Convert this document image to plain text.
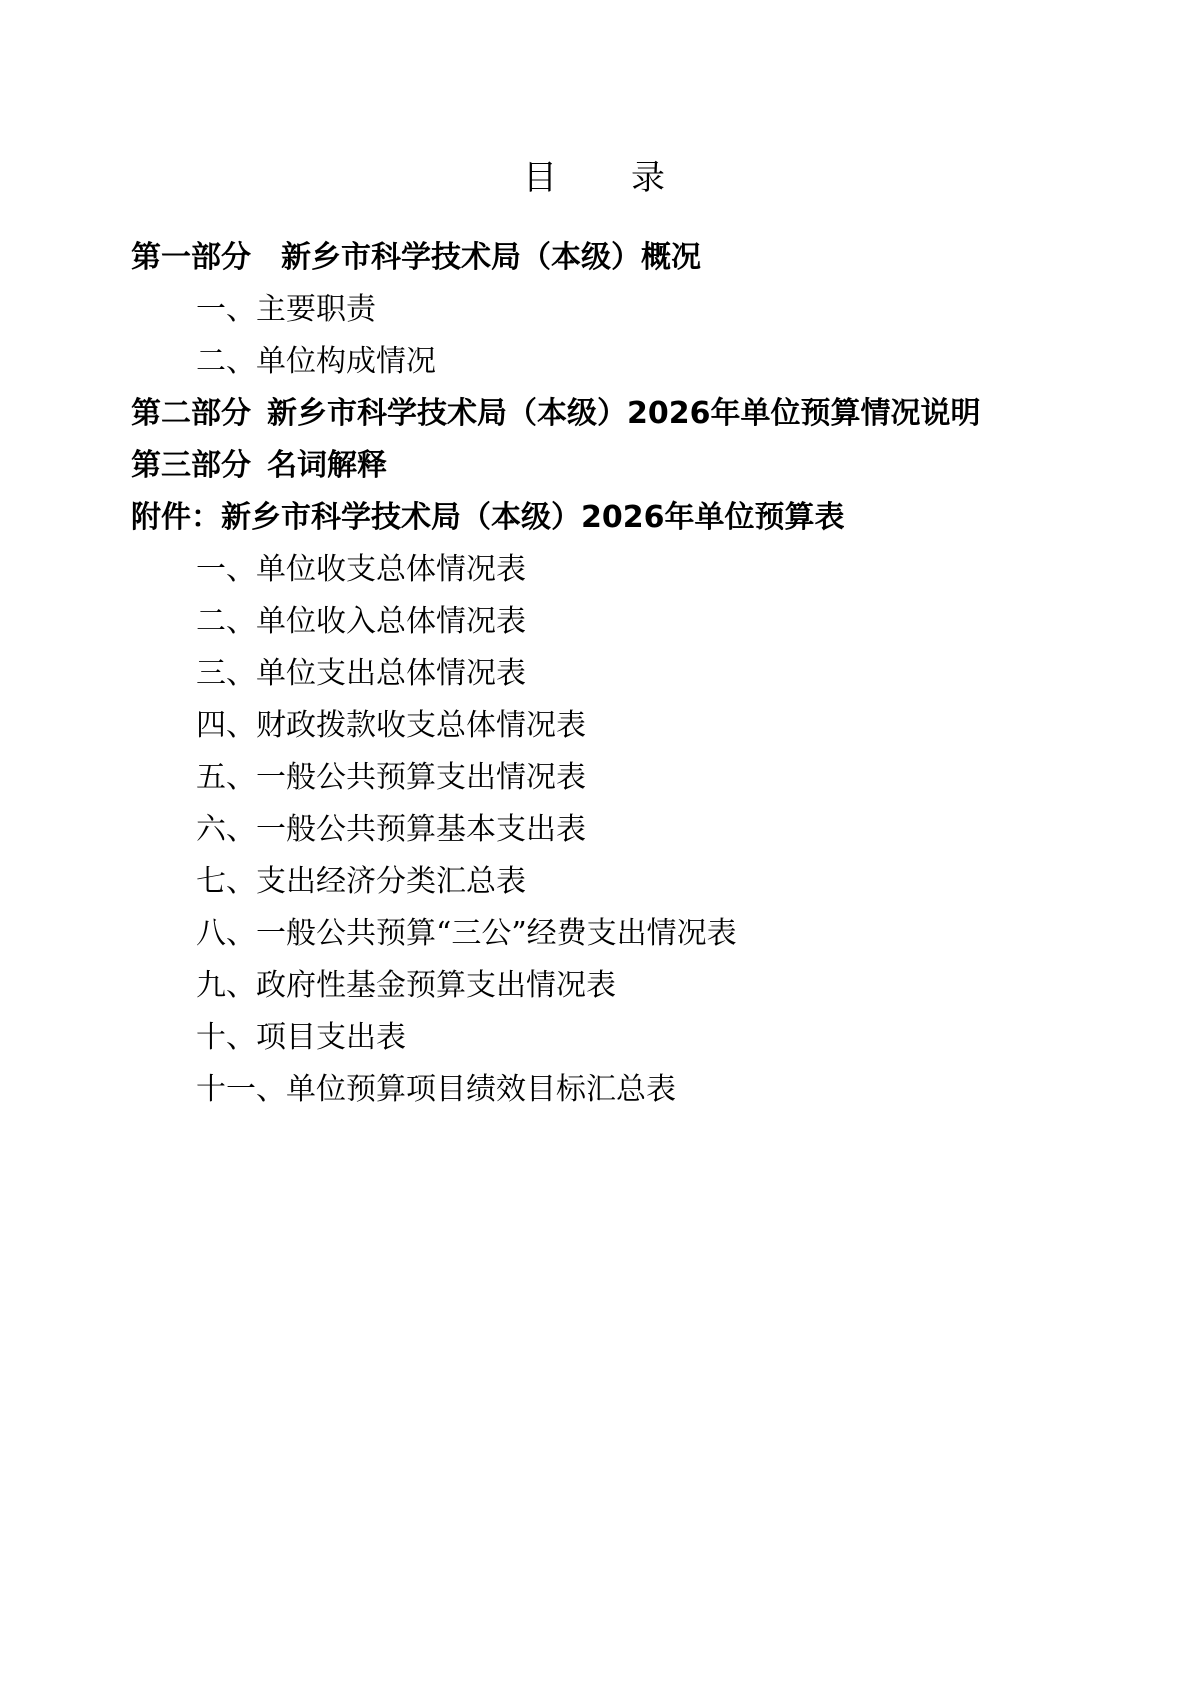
目 录
第一部分 新乡市科学技术局（本级）概况
一、主要职责
二、单位构成情况
第二部分 新乡市科学技术局（本级）2026年单位预算情况说明
第三部分 名词解释
附件：新乡市科学技术局（本级）2026年单位预算表
一、单位收支总体情况表
二、单位收入总体情况表
三、单位支出总体情况表
四、财政拨款收支总体情况表
五、一般公共预算支出情况表
六、一般公共预算基本支出表
七、支出经济分类汇总表
八、一般公共预算“三公”经费支出情况表
九、政府性基金预算支出情况表
十、项目支出表
十一、单位预算项目绩效目标汇总表
